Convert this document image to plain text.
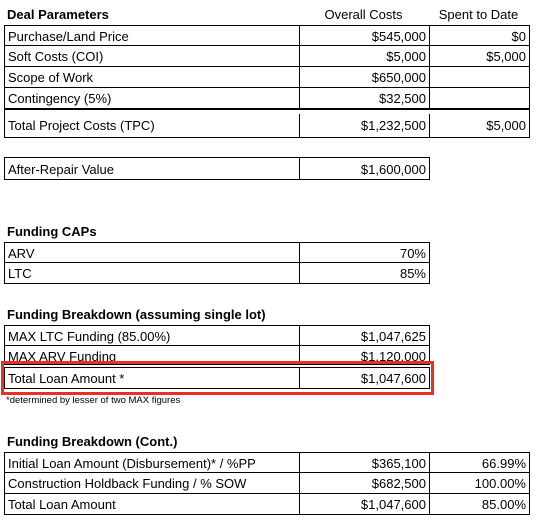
Deal Parameters	Overall Costs	Spent to Date
Purchase/Land Price	$545,000	$0
Soft Costs (COI)	$5,000	$5,000
Scope of Work	$650,000
Contingency (5%)	$32,500
Total Project Costs (TPC)	$1,232,500	$5,000
After-Repair Value	$1,600,000
Funding CAPs
ARV	70%
LTC	85%
Funding Breakdown (assuming single lot)
MAX LTC Funding (85.00%)	$1,047,625
MAX ARV Funding	$1,120,000
Total Loan Amount *	$1,047,600
*determined by lesser of two MAX figures
Funding Breakdown (Cont.)
Initial Loan Amount (Disbursement)* / %PP	$365,100	66.99%
Construction Holdback Funding / % SOW	$682,500	100.00%
Total Loan Amount	$1,047,600	85.00%
